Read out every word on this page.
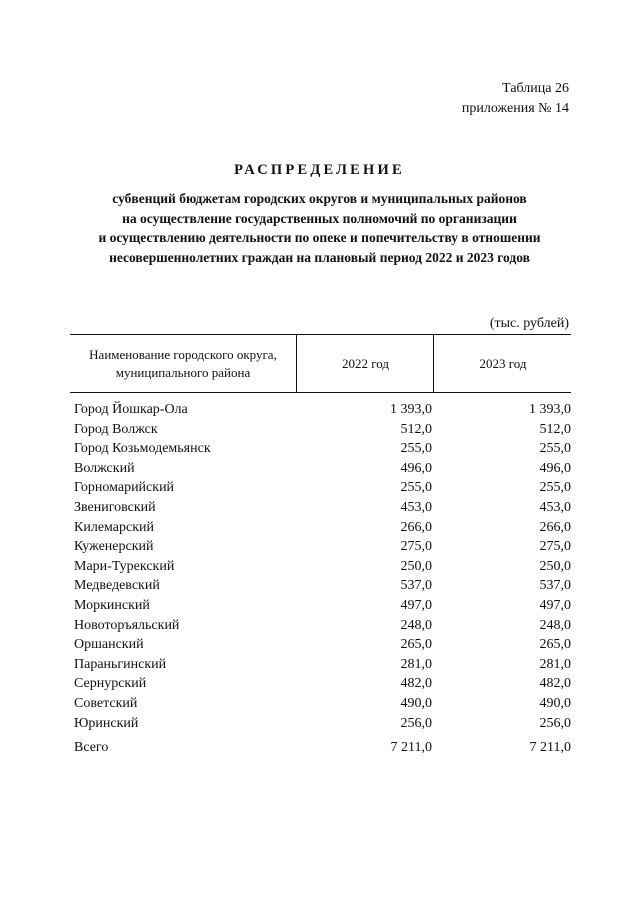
Таблица 26
приложения № 14
РАСПРЕДЕЛЕНИЕ
субвенций бюджетам городских округов и муниципальных районов
на осуществление государственных полномочий по организации
и осуществлению деятельности по опеке и попечительству в отношении
несовершеннолетних граждан на плановый период 2022 и 2023 годов
(тыс. рублей)
Наименование городского округа,
муниципального района
2022 год	2023 год
Город Йошкар-Ола	1 393,0	1 393,0
Город Волжск	512,0	512,0
Город Козьмодемьянск	255,0	255,0
Волжский	496,0	496,0
Горномарийский	255,0	255,0
Звениговский	453,0	453,0
Килемарский	266,0	266,0
Куженерский	275,0	275,0
Мари-Турекский	250,0	250,0
Медведевский	537,0	537,0
Моркинский	497,0	497,0
Новоторъяльский	248,0	248,0
Оршанский	265,0	265,0
Параньгинский	281,0	281,0
Сернурский	482,0	482,0
Советский	490,0	490,0
Юринский	256,0	256,0
Всего	7 211,0	7 211,0
